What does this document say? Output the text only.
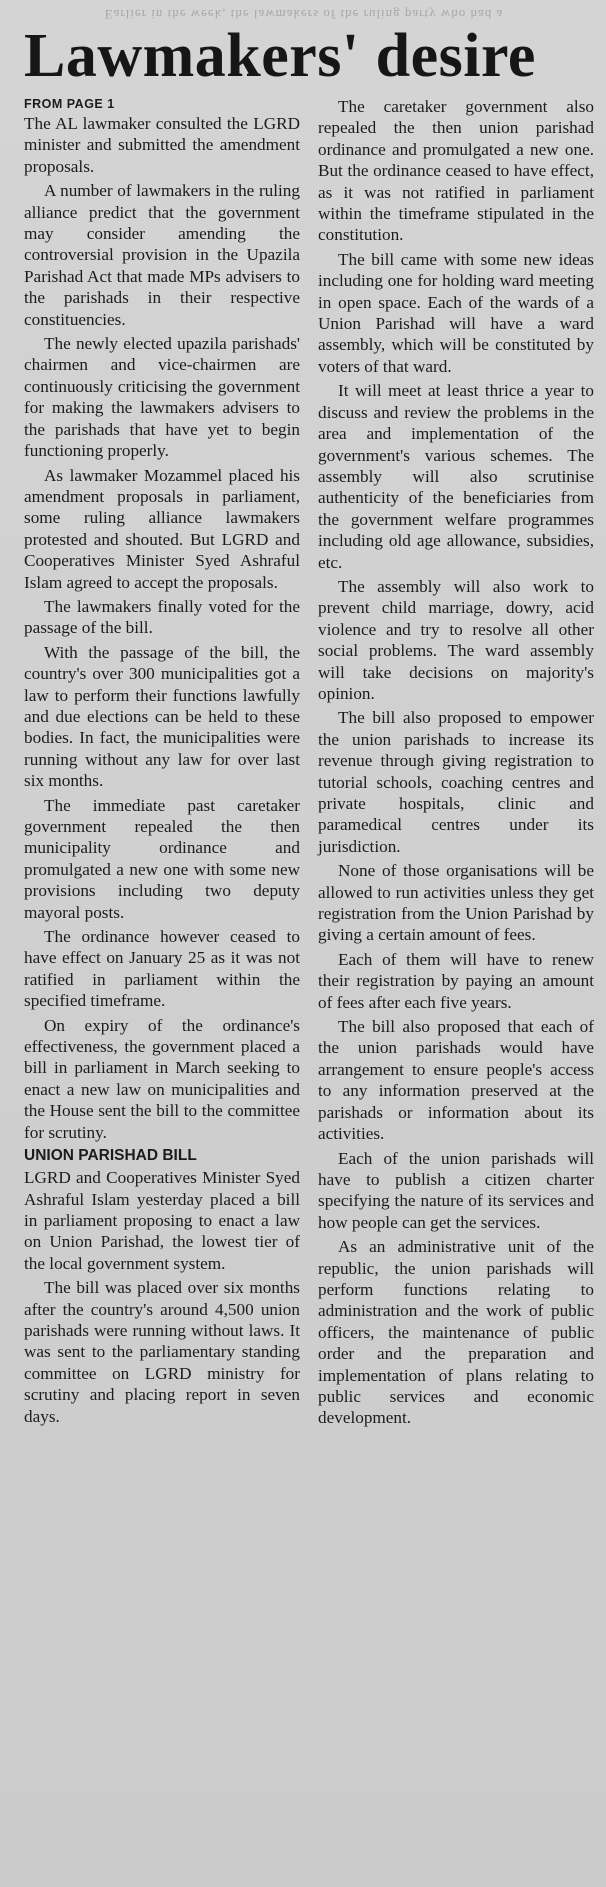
Earlier in the week, the lawmakers of the ruling party who had a
Lawmakers' desire
FROM PAGE 1

The AL lawmaker consulted the LGRD minister and submitted the amendment proposals.

A number of lawmakers in the ruling alliance predict that the government may consider amending the controversial provision in the Upazila Parishad Act that made MPs advisers to the parishads in their respective constituencies.

The newly elected upazila parishads' chairmen and vice-chairmen are continuously criticising the government for making the lawmakers advisers to the parishads that have yet to begin functioning properly.

As lawmaker Mozammel placed his amendment proposals in parliament, some ruling alliance lawmakers protested and shouted. But LGRD and Cooperatives Minister Syed Ashraful Islam agreed to accept the proposals.

The lawmakers finally voted for the passage of the bill.

With the passage of the bill, the country's over 300 municipalities got a law to perform their functions lawfully and due elections can be held to these bodies. In fact, the municipalities were running without any law for over last six months.

The immediate past caretaker government repealed the then municipality ordinance and promulgated a new one with some new provisions including two deputy mayoral posts.

The ordinance however ceased to have effect on January 25 as it was not ratified in parliament within the specified timeframe.

On expiry of the ordinance's effectiveness, the government placed a bill in parliament in March seeking to enact a new law on municipalities and the House sent the bill to the committee for scrutiny.

UNION PARISHAD BILL

LGRD and Cooperatives Minister Syed Ashraful Islam yesterday placed a bill in parliament proposing to enact a law on Union Parishad, the lowest tier of the local government system.

The bill was placed over six months after the country's around 4,500 union parishads were running without laws. It was sent to the parliamentary standing committee on LGRD ministry for scrutiny and placing report in seven days.

The caretaker government also repealed the then union parishad ordinance and promulgated a new one. But the ordinance ceased to have effect, as it was not ratified in parliament within the timeframe stipulated in the constitution.

The bill came with some new ideas including one for holding ward meeting in open space. Each of the wards of a Union Parishad will have a ward assembly, which will be constituted by voters of that ward.

It will meet at least thrice a year to discuss and review the problems in the area and implementation of the government's various schemes. The assembly will also scrutinise authenticity of the beneficiaries from the government welfare programmes including old age allowance, subsidies, etc.

The assembly will also work to prevent child marriage, dowry, acid violence and try to resolve all other social problems. The ward assembly will take decisions on majority's opinion.

The bill also proposed to empower the union parishads to increase its revenue through giving registration to tutorial schools, coaching centres and private hospitals, clinic and paramedical centres under its jurisdiction.

None of those organisations will be allowed to run activities unless they get registration from the Union Parishad by giving a certain amount of fees.

Each of them will have to renew their registration by paying an amount of fees after each five years.

The bill also proposed that each of the union parishads would have arrangement to ensure people's access to any information preserved at the parishads or information about its activities.

Each of the union parishads will have to publish a citizen charter specifying the nature of its services and how people can get the services.

As an administrative unit of the republic, the union parishads will perform functions relating to administration and the work of public officers, the maintenance of public order and the preparation and implementation of plans relating to public services and economic development.
